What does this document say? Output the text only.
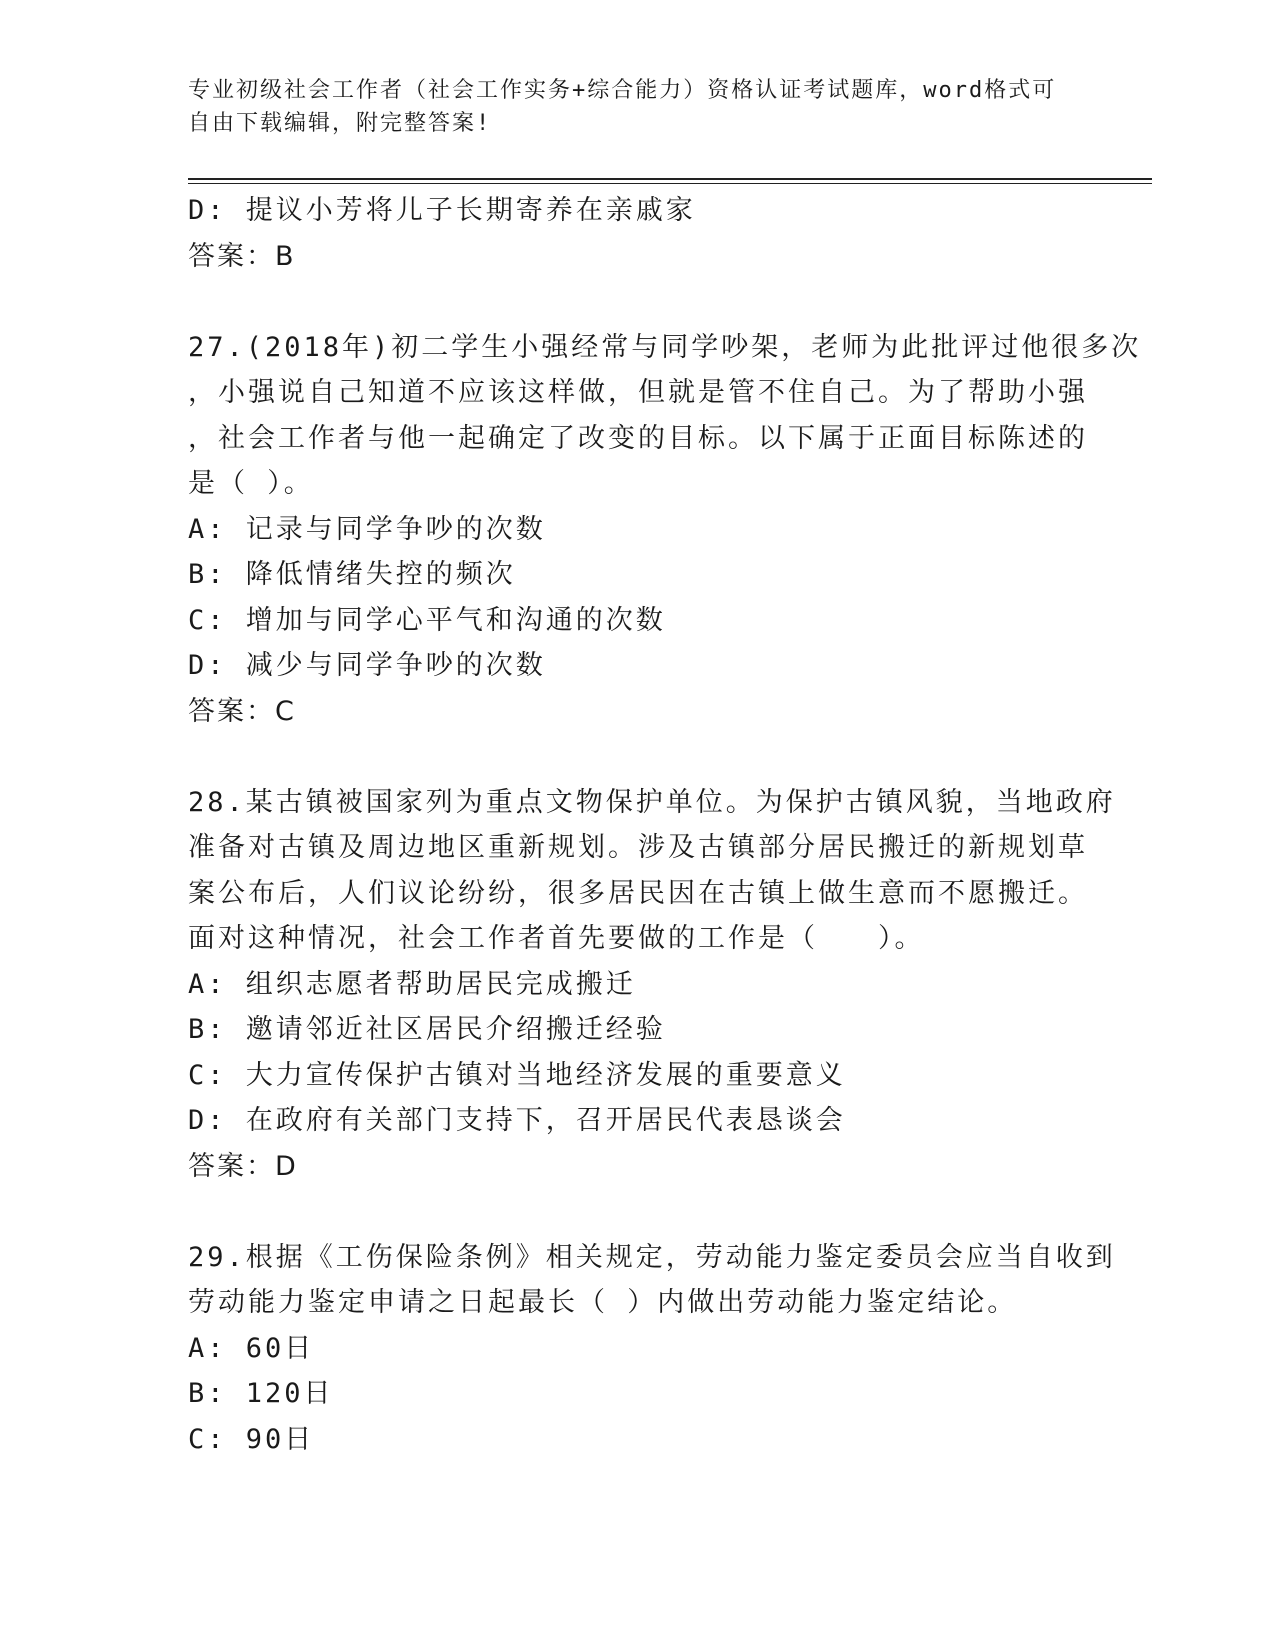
专业初级社会工作者（社会工作实务+综合能力）资格认证考试题库，word格式可
自由下载编辑，附完整答案!
D: 提议小芳将儿子长期寄养在亲戚家
答案：B
27.(2018年)初二学生小强经常与同学吵架，老师为此批评过他很多次
，小强说自己知道不应该这样做，但就是管不住自己。为了帮助小强
，社会工作者与他一起确定了改变的目标。以下属于正面目标陈述的
是（ ）。
A: 记录与同学争吵的次数
B: 降低情绪失控的频次
C: 增加与同学心平气和沟通的次数
D: 减少与同学争吵的次数
答案：C
28.某古镇被国家列为重点文物保护单位。为保护古镇风貌，当地政府
准备对古镇及周边地区重新规划。涉及古镇部分居民搬迁的新规划草
案公布后，人们议论纷纷，很多居民因在古镇上做生意而不愿搬迁。
面对这种情况，社会工作者首先要做的工作是（　　）。
A: 组织志愿者帮助居民完成搬迁
B: 邀请邻近社区居民介绍搬迁经验
C: 大力宣传保护古镇对当地经济发展的重要意义
D: 在政府有关部门支持下，召开居民代表恳谈会
答案：D
29.根据《工伤保险条例》相关规定，劳动能力鉴定委员会应当自收到
劳动能力鉴定申请之日起最长（ ）内做出劳动能力鉴定结论。
A: 60日
B: 120日
C: 90日
